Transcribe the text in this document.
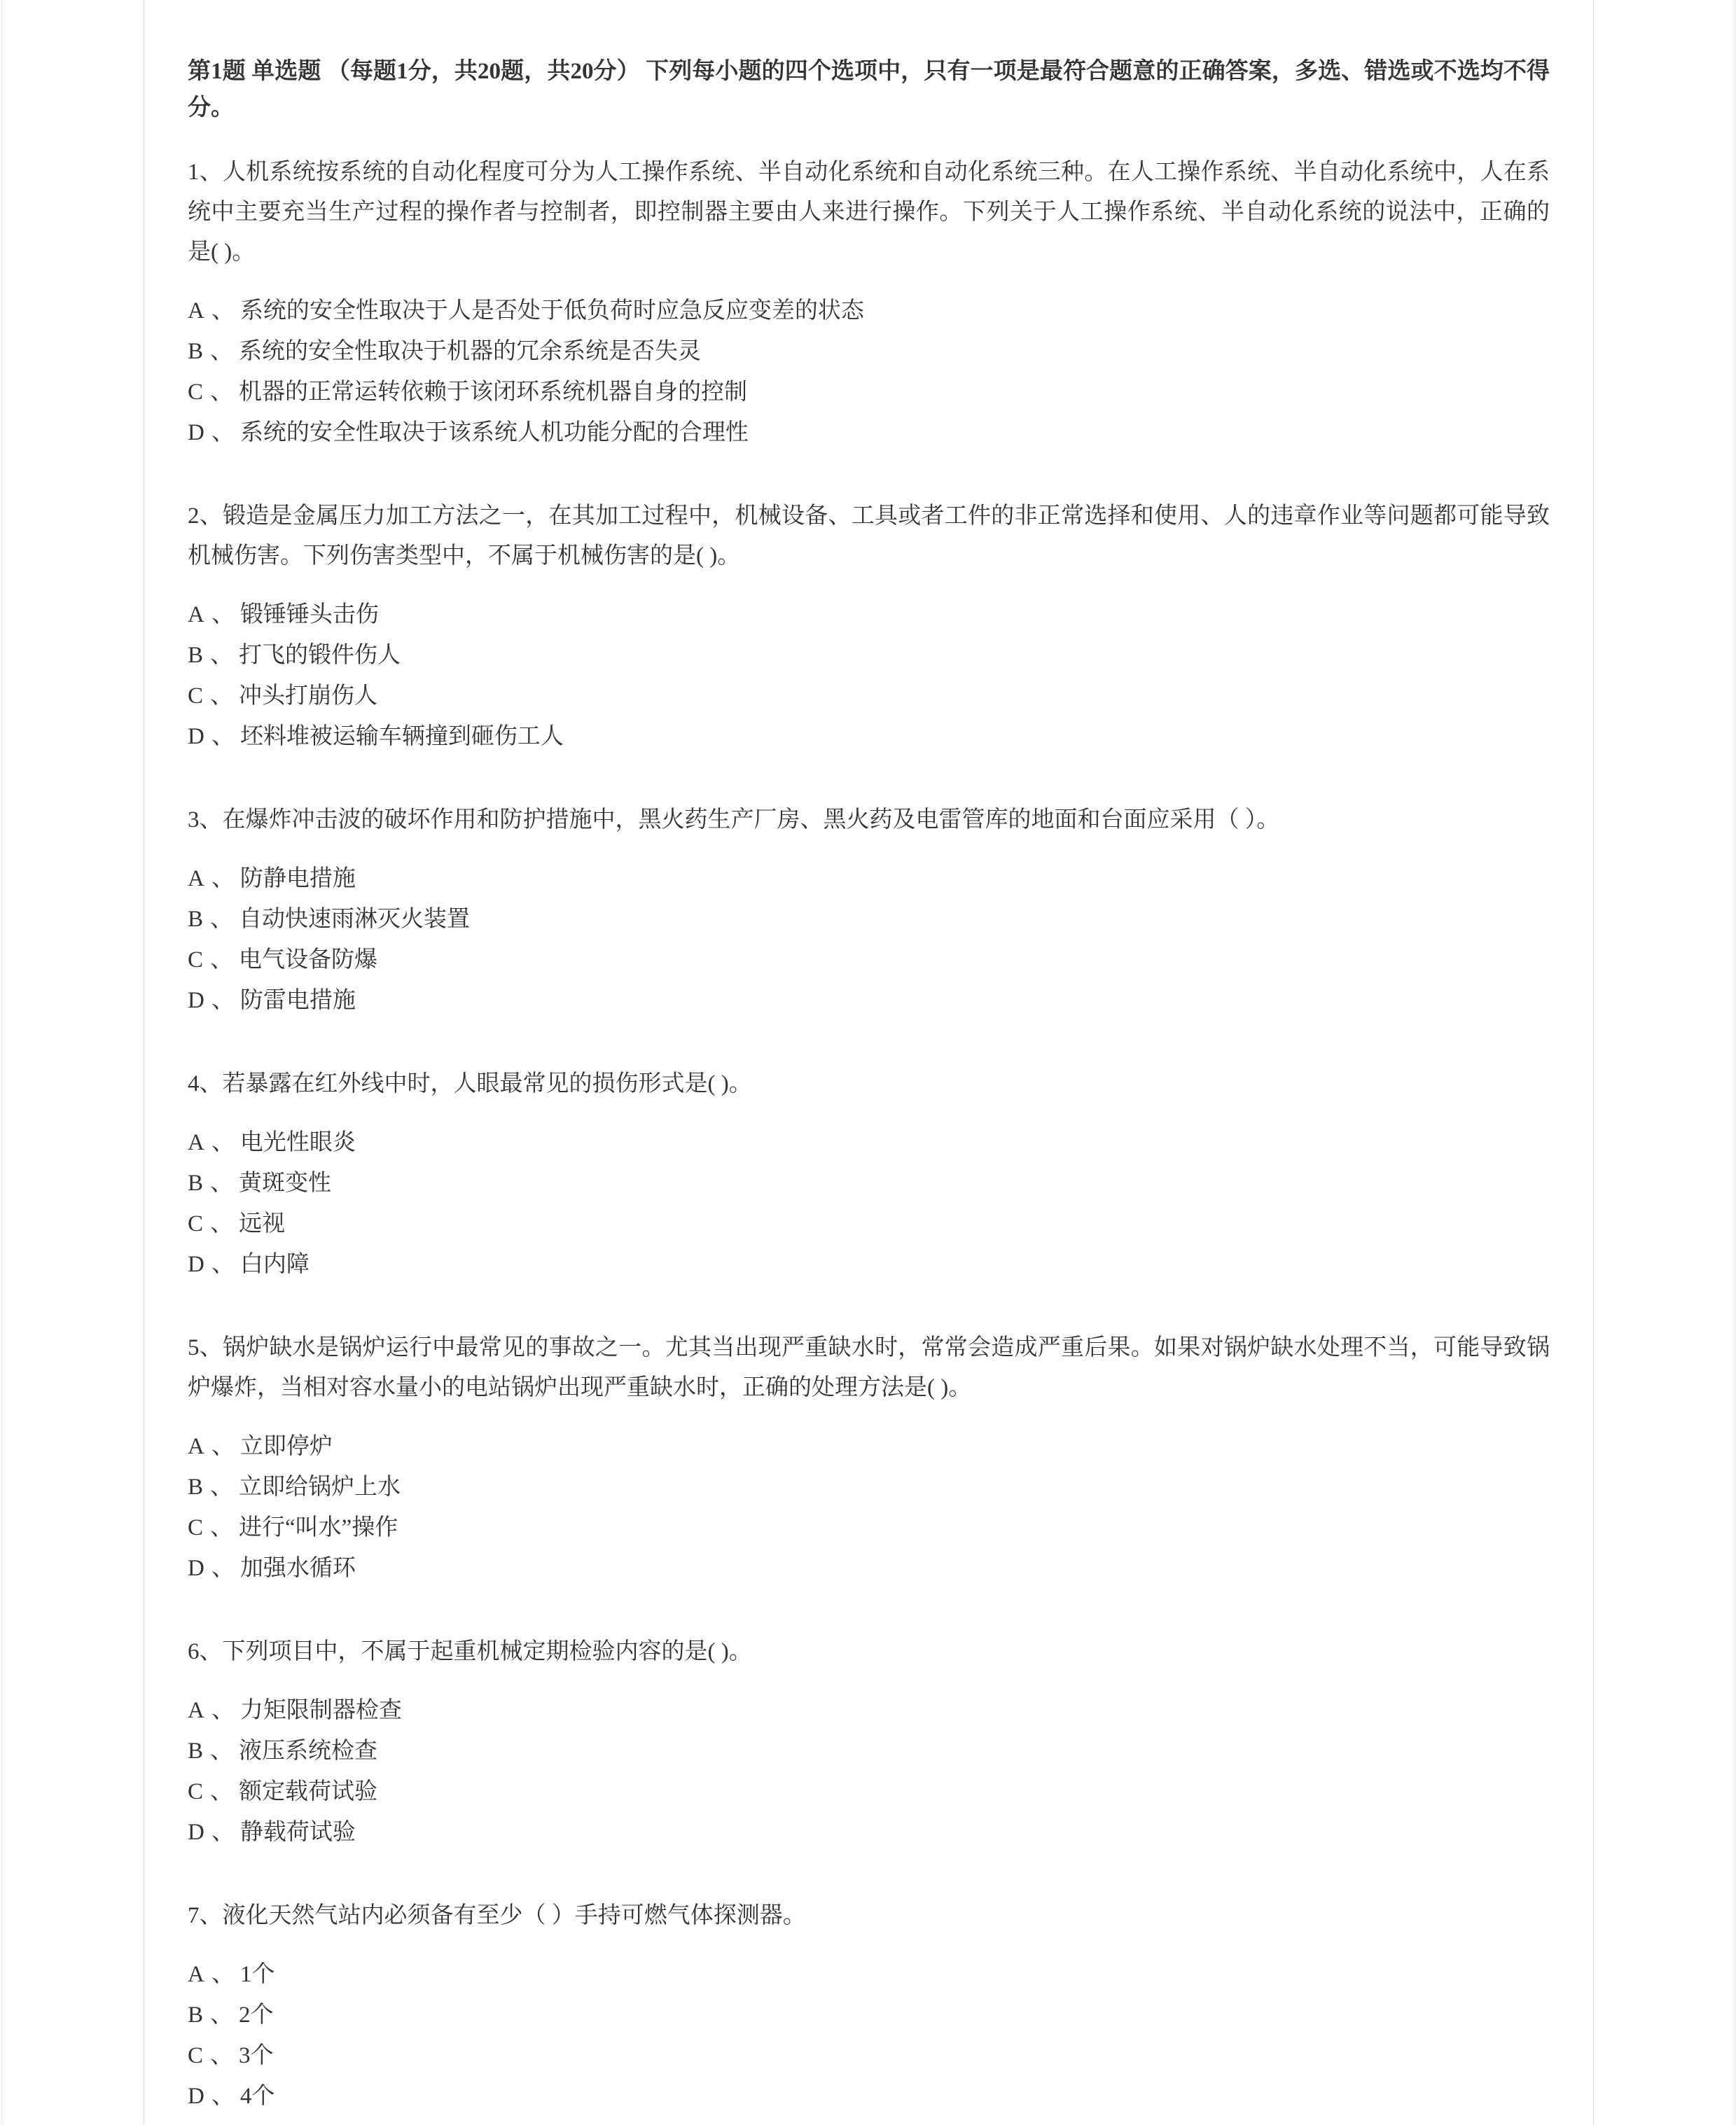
第1题 单选题 （每题1分，共20题，共20分） 下列每小题的四个选项中，只有一项是最符合题意的正确答案，多选、错选或不选均不得分。

1、人机系统按系统的自动化程度可分为人工操作系统、半自动化系统和自动化系统三种。在人工操作系统、半自动化系统中，人在系统中主要充当生产过程的操作者与控制者，即控制器主要由人来进行操作。下列关于人工操作系统、半自动化系统的说法中，正确的是( )。

A 、 系统的安全性取决于人是否处于低负荷时应急反应变差的状态
B 、 系统的安全性取决于机器的冗余系统是否失灵
C 、 机器的正常运转依赖于该闭环系统机器自身的控制
D 、 系统的安全性取决于该系统人机功能分配的合理性

2、锻造是金属压力加工方法之一，在其加工过程中，机械设备、工具或者工件的非正常选择和使用、人的违章作业等问题都可能导致机械伤害。下列伤害类型中，不属于机械伤害的是( )。

A 、 锻锤锤头击伤
B 、 打飞的锻件伤人
C 、 冲头打崩伤人
D 、 坯料堆被运输车辆撞到砸伤工人

3、在爆炸冲击波的破坏作用和防护措施中，黑火药生产厂房、黑火药及电雷管库的地面和台面应采用（ ）。

A 、 防静电措施
B 、 自动快速雨淋灭火装置
C 、 电气设备防爆
D 、 防雷电措施

4、若暴露在红外线中时，人眼最常见的损伤形式是( )。

A 、 电光性眼炎
B 、 黄斑变性
C 、 远视
D 、 白内障

5、锅炉缺水是锅炉运行中最常见的事故之一。尤其当出现严重缺水时，常常会造成严重后果。如果对锅炉缺水处理不当，可能导致锅炉爆炸，当相对容水量小的电站锅炉出现严重缺水时，正确的处理方法是( )。

A 、 立即停炉
B 、 立即给锅炉上水
C 、 进行“叫水”操作
D 、 加强水循环

6、下列项目中，不属于起重机械定期检验内容的是( )。

A 、 力矩限制器检查
B 、 液压系统检查
C 、 额定载荷试验
D 、 静载荷试验

7、液化天然气站内必须备有至少（ ）手持可燃气体探测器。

A 、 1个
B 、 2个
C 、 3个
D 、 4个
